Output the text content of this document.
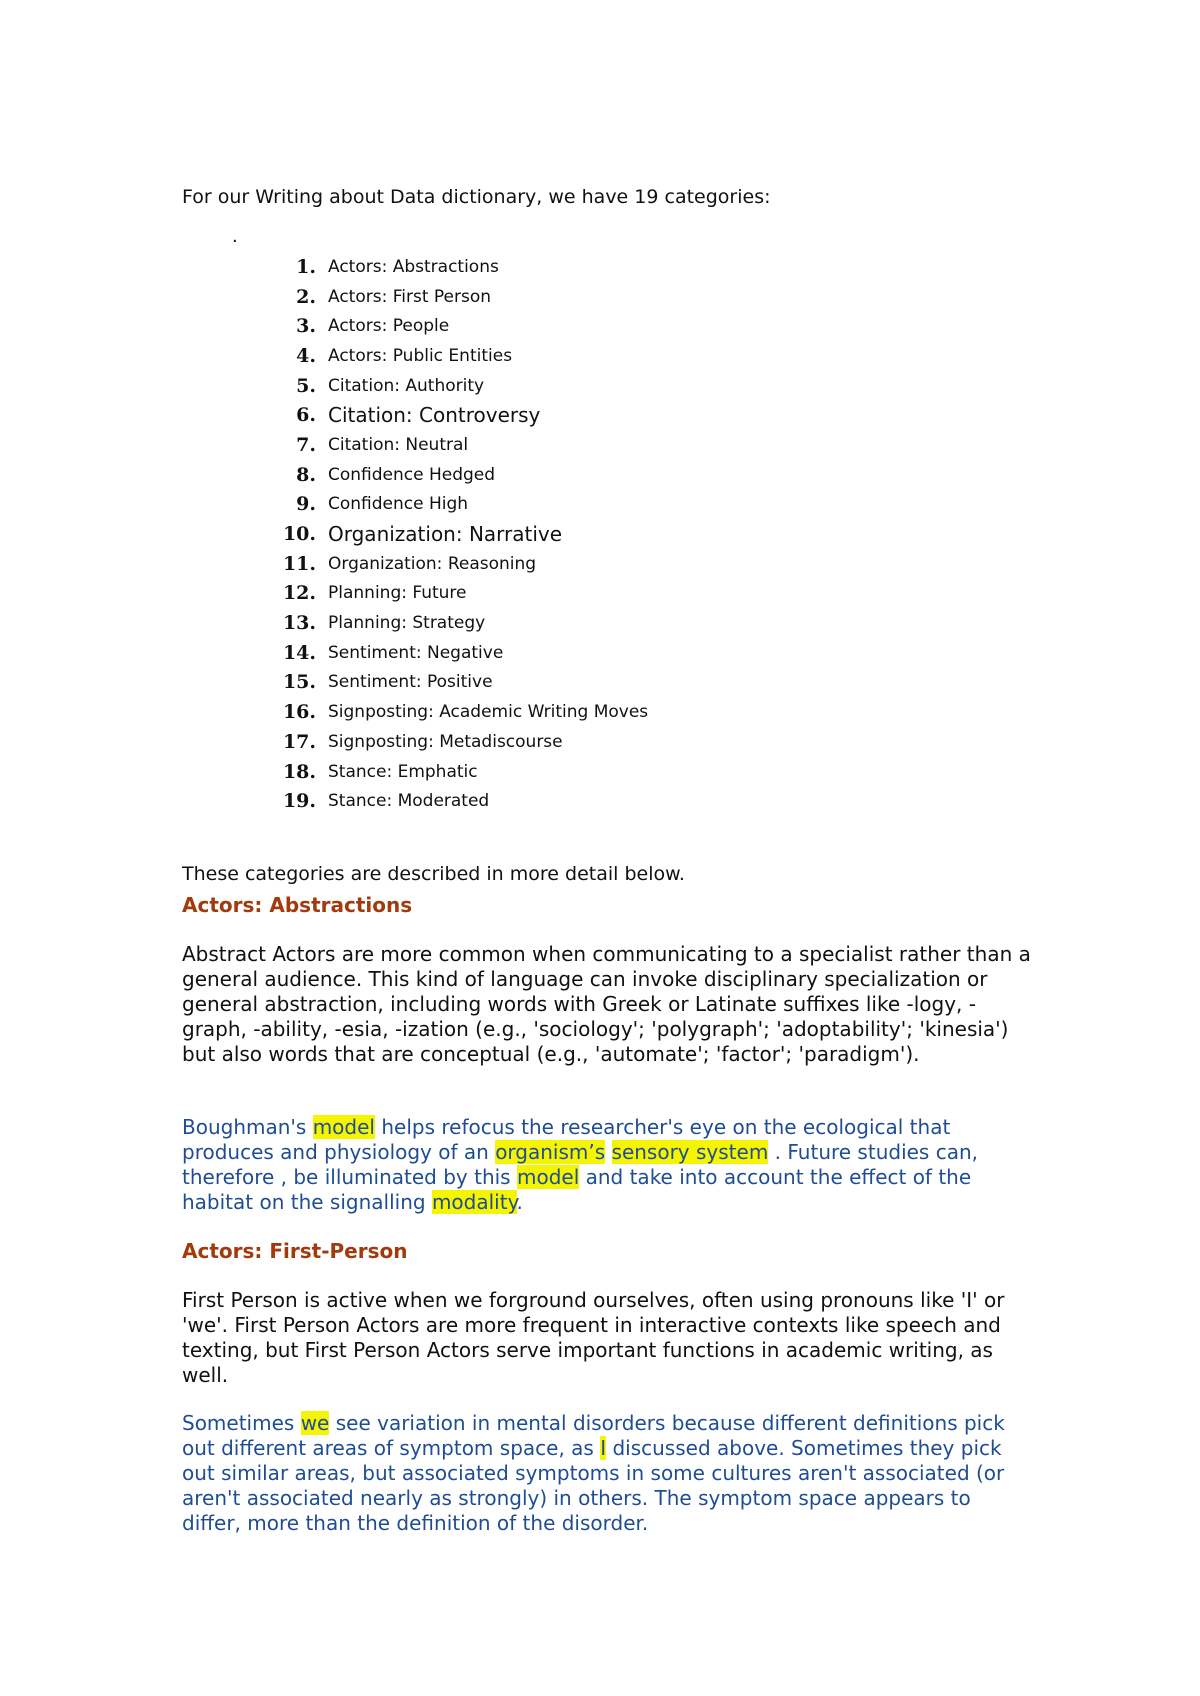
For our Writing about Data dictionary, we have 19 categories:

.
1. Actors: Abstractions
2. Actors: First Person
3. Actors: People
4. Actors: Public Entities
5. Citation: Authority
6. Citation: Controversy
7. Citation: Neutral
8. Confidence Hedged
9. Confidence High
10. Organization: Narrative
11. Organization: Reasoning
12. Planning: Future
13. Planning: Strategy
14. Sentiment: Negative
15. Sentiment: Positive
16. Signposting: Academic Writing Moves
17. Signposting: Metadiscourse
18. Stance: Emphatic
19. Stance: Moderated

These categories are described in more detail below.

Actors: Abstractions

Abstract Actors are more common when communicating to a specialist rather than a general audience. This kind of language can invoke disciplinary specialization or general abstraction, including words with Greek or Latinate suffixes like -logy, -graph, -ability, -esia, -ization (e.g., 'sociology'; 'polygraph'; 'adoptability'; 'kinesia') but also words that are conceptual (e.g., 'automate'; 'factor'; 'paradigm').

Boughman's model helps refocus the researcher's eye on the ecological that produces and physiology of an organism’s sensory system . Future studies can, therefore , be illuminated by this model and take into account the effect of the habitat on the signalling modality.

Actors: First-Person

First Person is active when we forground ourselves, often using pronouns like 'I' or 'we'. First Person Actors are more frequent in interactive contexts like speech and texting, but First Person Actors serve important functions in academic writing, as well.

Sometimes we see variation in mental disorders because different definitions pick out different areas of symptom space, as I discussed above. Sometimes they pick out similar areas, but associated symptoms in some cultures aren't associated (or aren't associated nearly as strongly) in others. The symptom space appears to differ, more than the definition of the disorder.
